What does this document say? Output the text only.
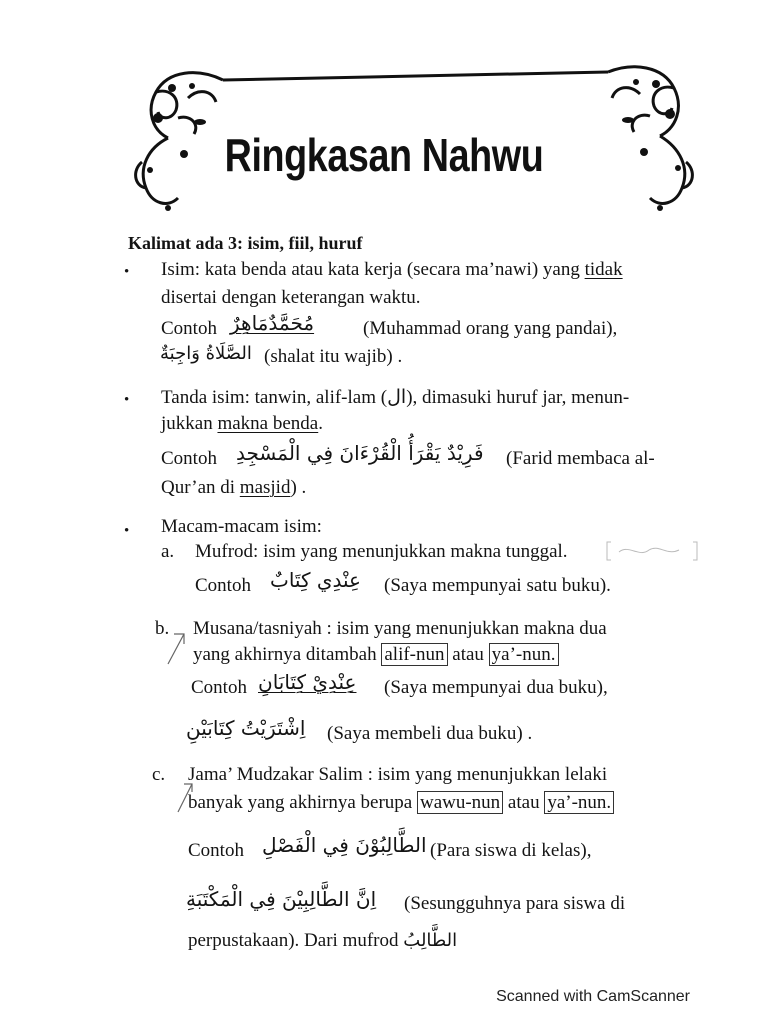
Ringkasan Nahwu
Kalimat ada 3: isim, fiil, huruf
• Isim: kata benda atau kata kerja (secara ma’nawi) yang tidak
disertai dengan keterangan waktu.
Contoh مُحَمَّدٌمَاهِرٌ	(Muhammad orang yang pandai),
الصَّلَاةُ وَاجِبَةٌ (shalat itu wajib) .
• Tanda isim: tanwin, alif-lam (ال), dimasuki huruf jar, menun-
jukkan makna benda.
Contoh فَرِيْدٌ يَقْرَأُ الْقُرْءَانَ فِي الْمَسْجِدِ (Farid membaca al-
Qur’an di masjid) .
• Macam-macam isim:
a. Mufrod: isim yang menunjukkan makna tunggal.
Contoh عِنْدِي كِتَابٌ (Saya mempunyai satu buku).
b. Musana/tasniyah : isim yang menunjukkan makna dua
yang akhirnya ditambah alif-nun atau ya’-nun.
Contoh عِنْدِيْ كِتَابَانِ (Saya mempunyai dua buku),
اِشْتَرَيْتُ كِتَابَيْنِ (Saya membeli dua buku) .
c. Jama’ Mudzakar Salim : isim yang menunjukkan lelaki
banyak yang akhirnya berupa wawu-nun atau ya’-nun.
Contoh الطَّالِبُوْنَ فِي الْفَصْلِ (Para siswa di kelas),
اِنَّ الطَّالِبِيْنَ فِي الْمَكْتَبَةِ (Sesungguhnya para siswa di
perpustakaan). Dari mufrod الطَّالِبُ
Scanned with CamScanner
